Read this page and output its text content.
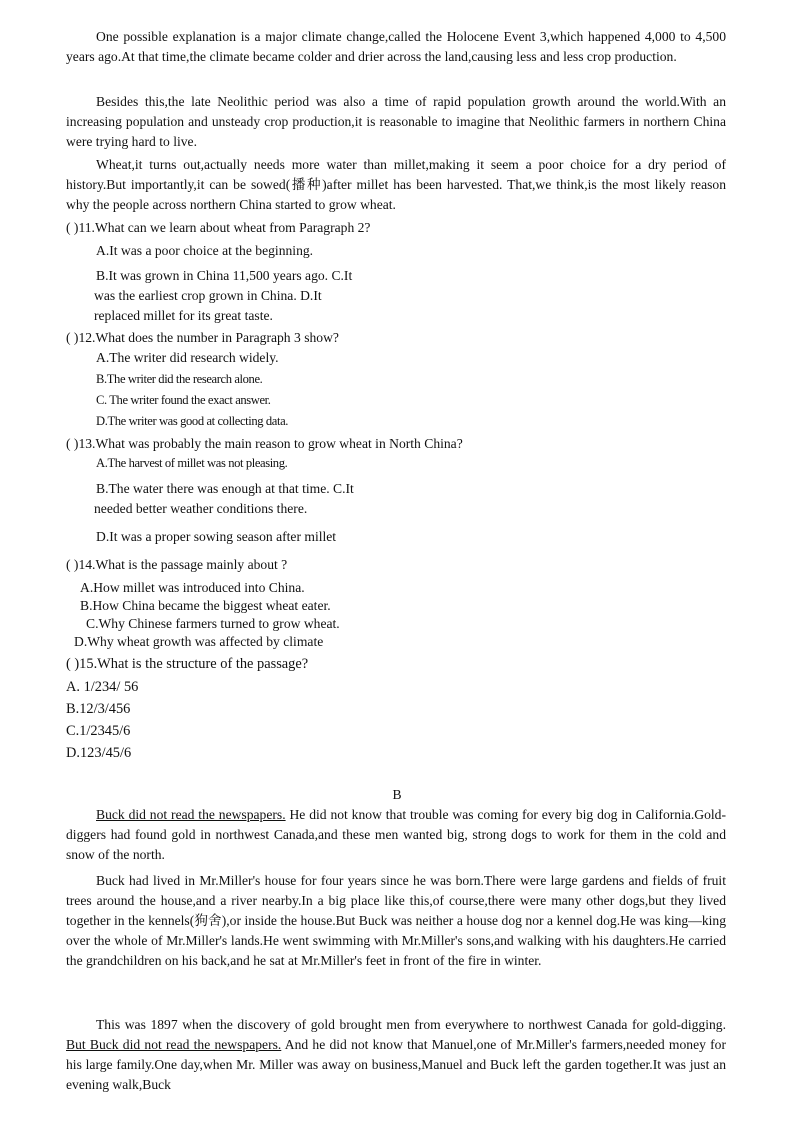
One possible explanation is a major climate change,called the Holocene Event 3,which happened 4,000 to 4,500 years ago.At that time,the climate became colder and drier across the land,causing less and less crop production.

Besides this,the late Neolithic period was also a time of rapid population growth around the world.With an increasing population and unsteady crop production,it is reasonable to imagine that Neolithic farmers in northern China were trying hard to live.

Wheat,it turns out,actually needs more water than millet,making it seem a poor choice for a dry period of history.But importantly,it can be sowed(播种)after millet has been harvested. That,we think,is the most likely reason why the people across northern China started to grow wheat.

( )11.What can we learn about wheat from Paragraph 2?

A.It was a poor choice at the beginning.

B.It was grown in China 11,500 years ago. C.It

was the earliest crop grown in China. D.It

replaced millet for its great taste.

( )12.What does the number in Paragraph 3 show?

A.The writer did research widely.

B.The writer did the research alone.

C. The writer found the exact answer.

D.The writer was good at collecting data.

( )13.What was probably the main reason to grow wheat in North China?

A.The harvest of millet was not pleasing.

B.The water there was enough at that time. C.It

needed better weather conditions there.

D.It was a proper sowing season after millet

( )14.What is the passage mainly about ?

A.How millet was introduced into China.

B.How China became the biggest wheat eater.

C.Why Chinese farmers turned to grow wheat.

D.Why wheat growth was affected by climate

( )15.What is the structure of the passage?

A. 1/234/ 56

B.12/3/456

C.1/2345/6

D.123/45/6

B

Buck did not read the newspapers. He did not know that trouble was coming for every big dog in California.Gold-diggers had found gold in northwest Canada,and these men wanted big, strong dogs to work for them in the cold and snow of the north.

Buck had lived in Mr.Miller's house for four years since he was born.There were large gardens and fields of fruit trees around the house,and a river nearby.In a big place like this,of course,there were many other dogs,but they lived together in the kennels(狗舍),or inside the house.But Buck was neither a house dog nor a kennel dog.He was king—king over the whole of Mr.Miller's lands.He went swimming with Mr.Miller's sons,and walking with his daughters.He carried the grandchildren on his back,and he sat at Mr.Miller's feet in front of the fire in winter.

This was 1897 when the discovery of gold brought men from everywhere to northwest Canada for gold-digging. But Buck did not read the newspapers. And he did not know that Manuel,one of Mr.Miller's farmers,needed money for his large family.One day,when Mr. Miller was away on business,Manuel and Buck left the garden together.It was just an evening walk,Buck
